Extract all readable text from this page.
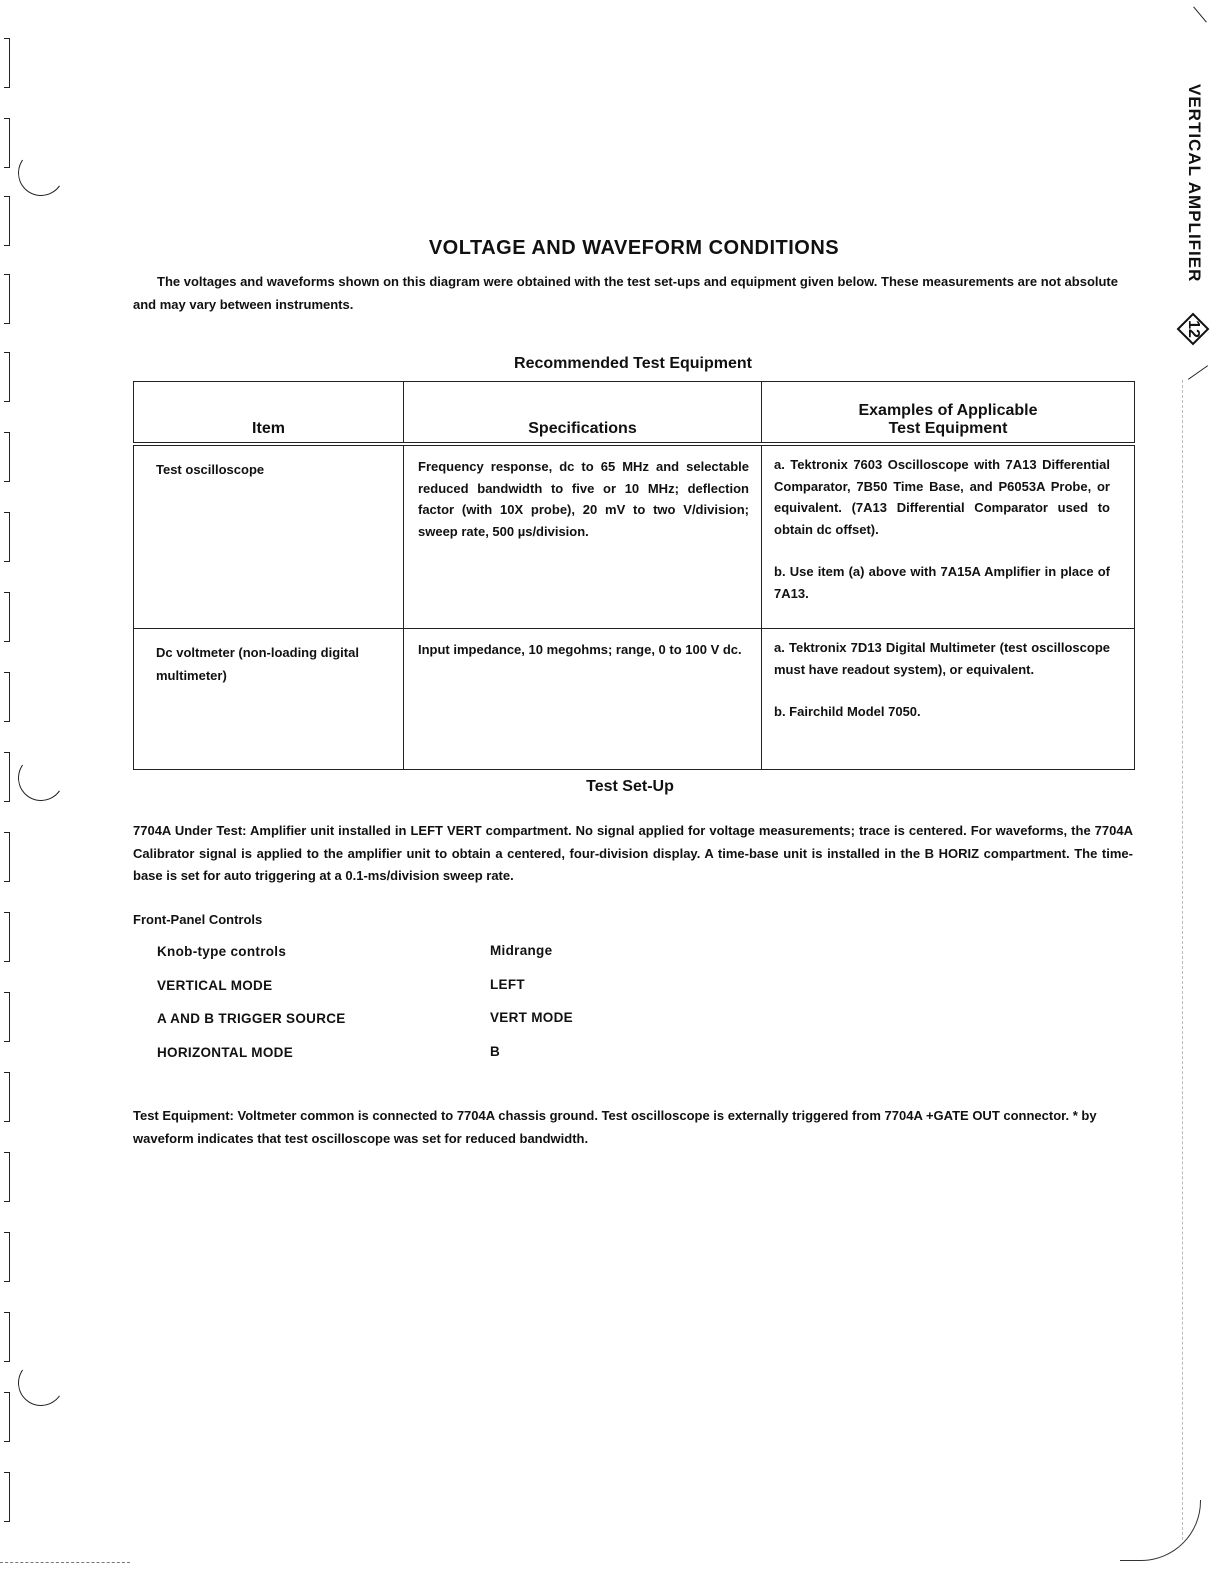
VERTICAL AMPLIFIER
12
VOLTAGE AND WAVEFORM CONDITIONS

The voltages and waveforms shown on this diagram were obtained with the test set-ups and equipment given below. These measurements are not absolute and may vary between instruments.

Recommended Test Equipment
Item	Specifications	Examples of Applicable
Test Equipment

Test oscilloscope	Frequency response, dc to 65 MHz and selectable reduced bandwidth to five or 10 MHz; deflection factor (with 10X probe), 20 mV to two V/division; sweep rate, 500 µs/division.	a. Tektronix 7603 Oscilloscope with 7A13 Differential Comparator, 7B50 Time Base, and P6053A Probe, or equivalent. (7A13 Differential Comparator used to obtain dc offset).

b. Use item (a) above with 7A15A Amplifier in place of 7A13.

Dc voltmeter (non-loading digital multimeter)	Input impedance, 10 megohms; range, 0 to 100 V dc.	a. Tektronix 7D13 Digital Multimeter (test oscilloscope must have readout system), or equivalent.

b. Fairchild Model 7050.

Test Set-Up

7704A Under Test: Amplifier unit installed in LEFT VERT compartment. No signal applied for voltage measurements; trace is centered. For waveforms, the 7704A Calibrator signal is applied to the amplifier unit to obtain a centered, four-division display. A time-base unit is installed in the B HORIZ compartment. The time-base is set for auto triggering at a 0.1-ms/division sweep rate.

Front-Panel Controls
Knob-type controls	Midrange
VERTICAL MODE	LEFT
A AND B TRIGGER SOURCE	VERT MODE
HORIZONTAL MODE	B

Test Equipment: Voltmeter common is connected to 7704A chassis ground. Test oscilloscope is externally triggered from 7704A +GATE OUT connector. * by waveform indicates that test oscilloscope was set for reduced bandwidth.
